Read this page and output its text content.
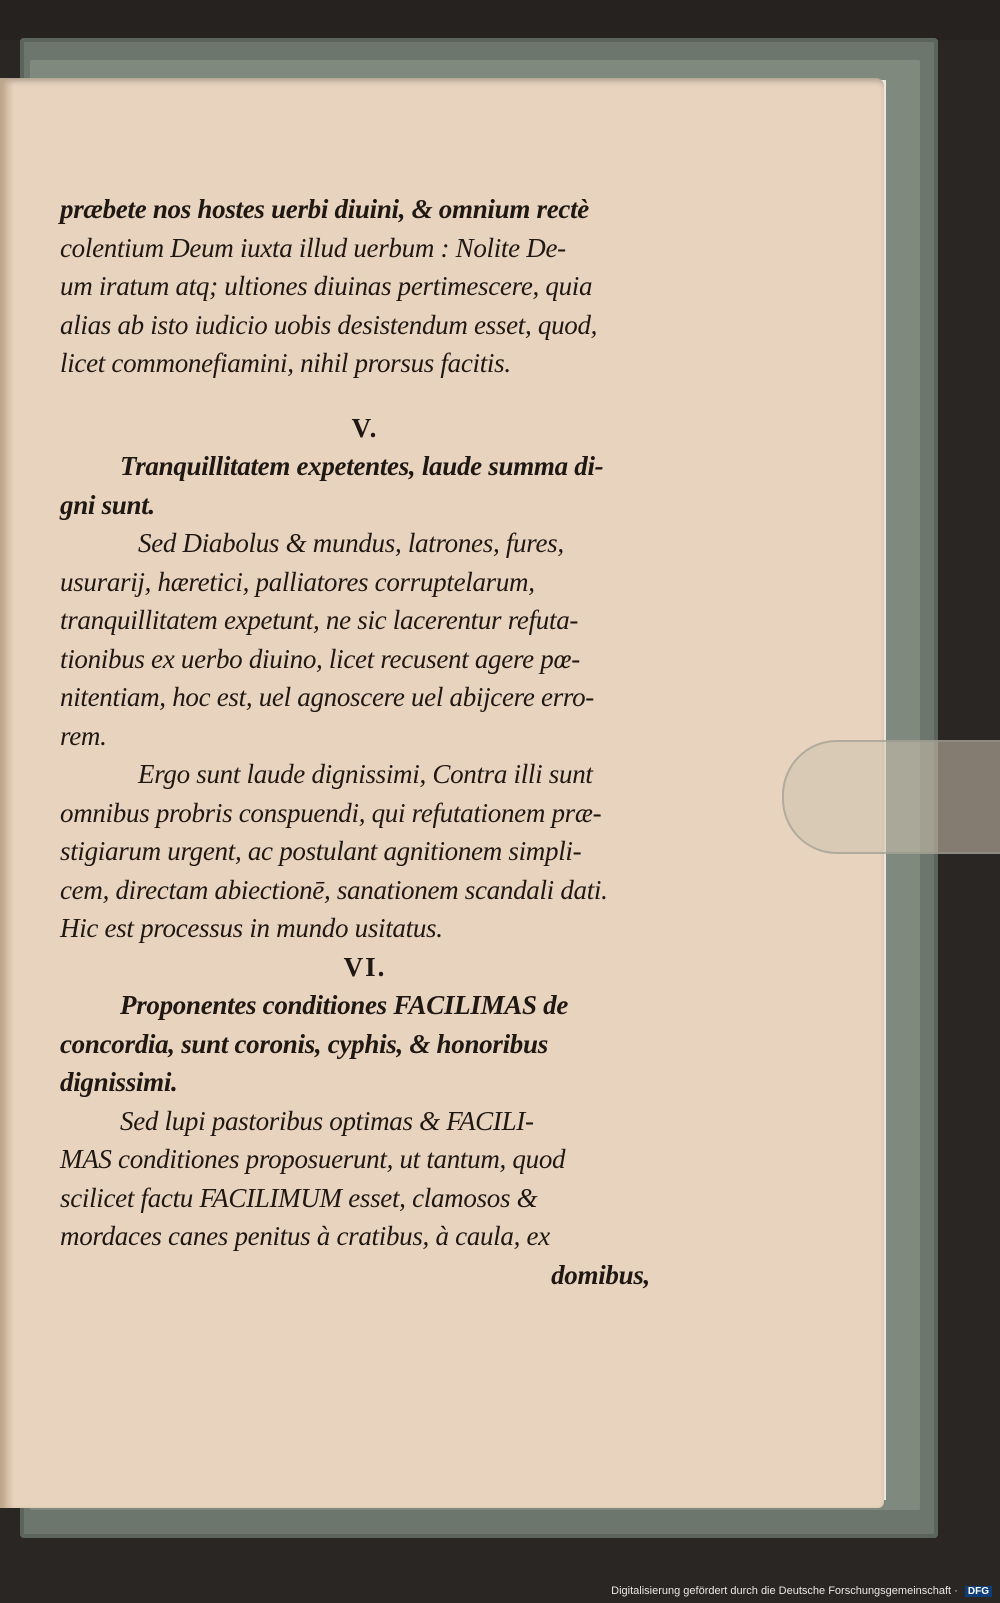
præbete nos hostes uerbi diuini, & omnium rectè
colentium Deum iuxta illud uerbum : Nolite De-
um iratum atq; ultiones diuinas pertimescere, quia
alias ab isto iudicio uobis desistendum esset, quod,
licet commonefiamini, nihil prorsus facitis.
V.
Tranquillitatem expetentes, laude summa di-
gni sunt.
Sed Diabolus & mundus, latrones, fures,
usurarij, hæretici, palliatores corruptelarum,
tranquillitatem expetunt, ne sic lacerentur refuta-
tionibus ex uerbo diuino, licet recusent agere pœ-
nitentiam, hoc est, uel agnoscere uel abijcere erro-
rem.
Ergo sunt laude dignissimi, Contra illi sunt
omnibus probris conspuendi, qui refutationem præ-
stigiarum urgent, ac postulant agnitionem simpli-
cem, directam abiectionē, sanationem scandali dati.
Hic est processus in mundo usitatus.
VI.
Proponentes conditiones FACILIMAS de
concordia, sunt coronis, cyphis, & honoribus
dignissimi.
Sed lupi pastoribus optimas & FACILI-
MAS conditiones proposuerunt, ut tantum, quod
scilicet factu FACILIMUM esset, clamosos &
mordaces canes penitus à cratibus, à caula, ex
domibus,
Digitalisierung gefördert durch die Deutsche Forschungsgemeinschaft · DFG
